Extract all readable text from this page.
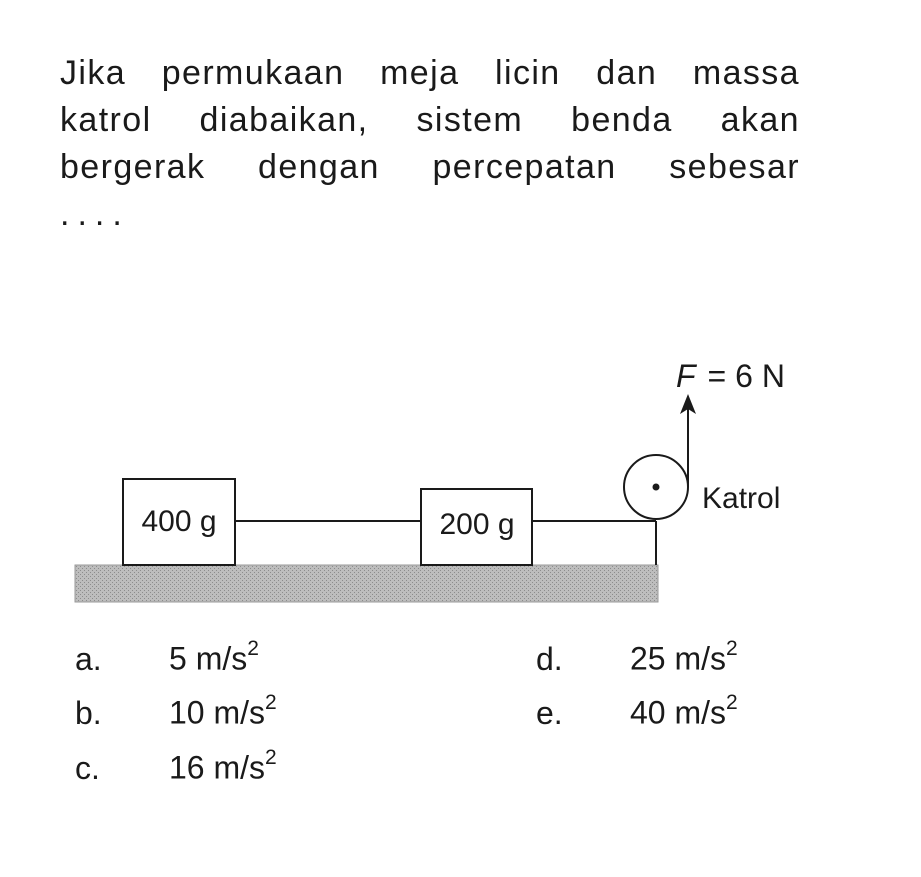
Jika permukaan meja licin dan massa
katrol diabaikan, sistem benda akan
bergerak dengan percepatan sebesar
....
400 g	200 g
F = 6 N
Katrol
a. 5 $m/s^2$
b. 10 $m/s^2$
c. 16 $m/s^2$
d. 25 $m/s^2$
e. 40 $m/s^2$
